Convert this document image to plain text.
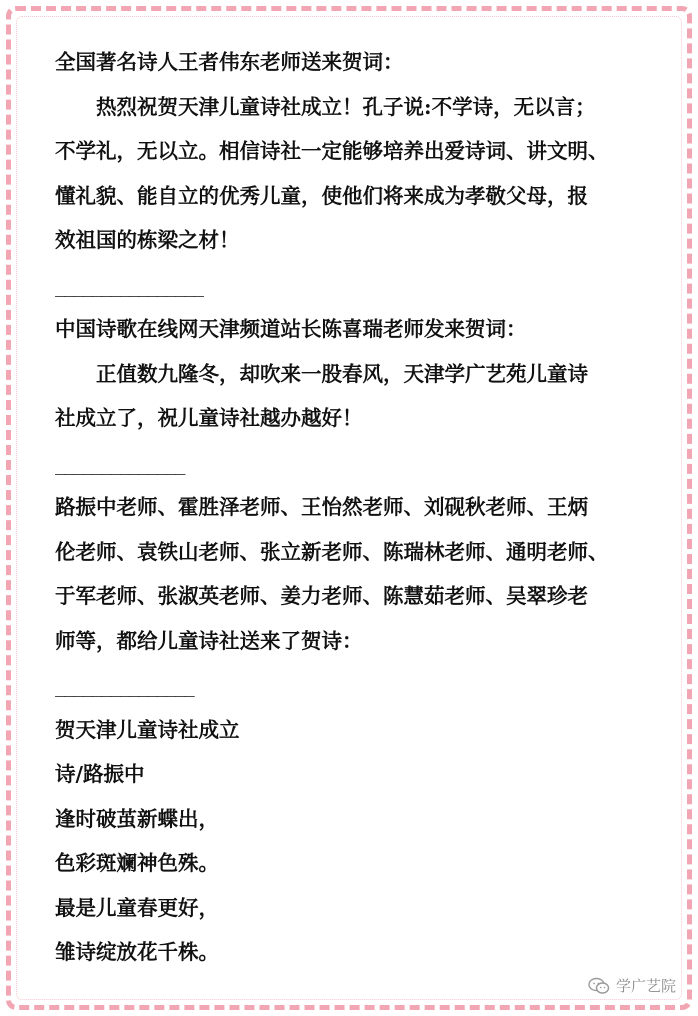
全国著名诗人王者伟东老师送来贺词：

热烈祝贺天津儿童诗社成立！孔子说:不学诗，无以言；

不学礼，无以立。相信诗社一定能够培养出爱诗词、讲文明、

懂礼貌、能自立的优秀儿童，使他们将来成为孝敬父母，报

效祖国的栋梁之材！

________________

中国诗歌在线网天津频道站长陈喜瑞老师发来贺词：

正值数九隆冬，却吹来一股春风，天津学广艺苑儿童诗

社成立了，祝儿童诗社越办越好！

______________

路振中老师、霍胜泽老师、王怡然老师、刘砚秋老师、王炳

伦老师、袁铁山老师、张立新老师、陈瑞林老师、通明老师、

于军老师、张淑英老师、姜力老师、陈慧茹老师、吴翠珍老

师等，都给儿童诗社送来了贺诗：

_______________

贺天津儿童诗社成立

诗/路振中

逢时破茧新蝶出，

色彩斑斓神色殊。

最是儿童春更好，

雏诗绽放花千株。

学广艺院
